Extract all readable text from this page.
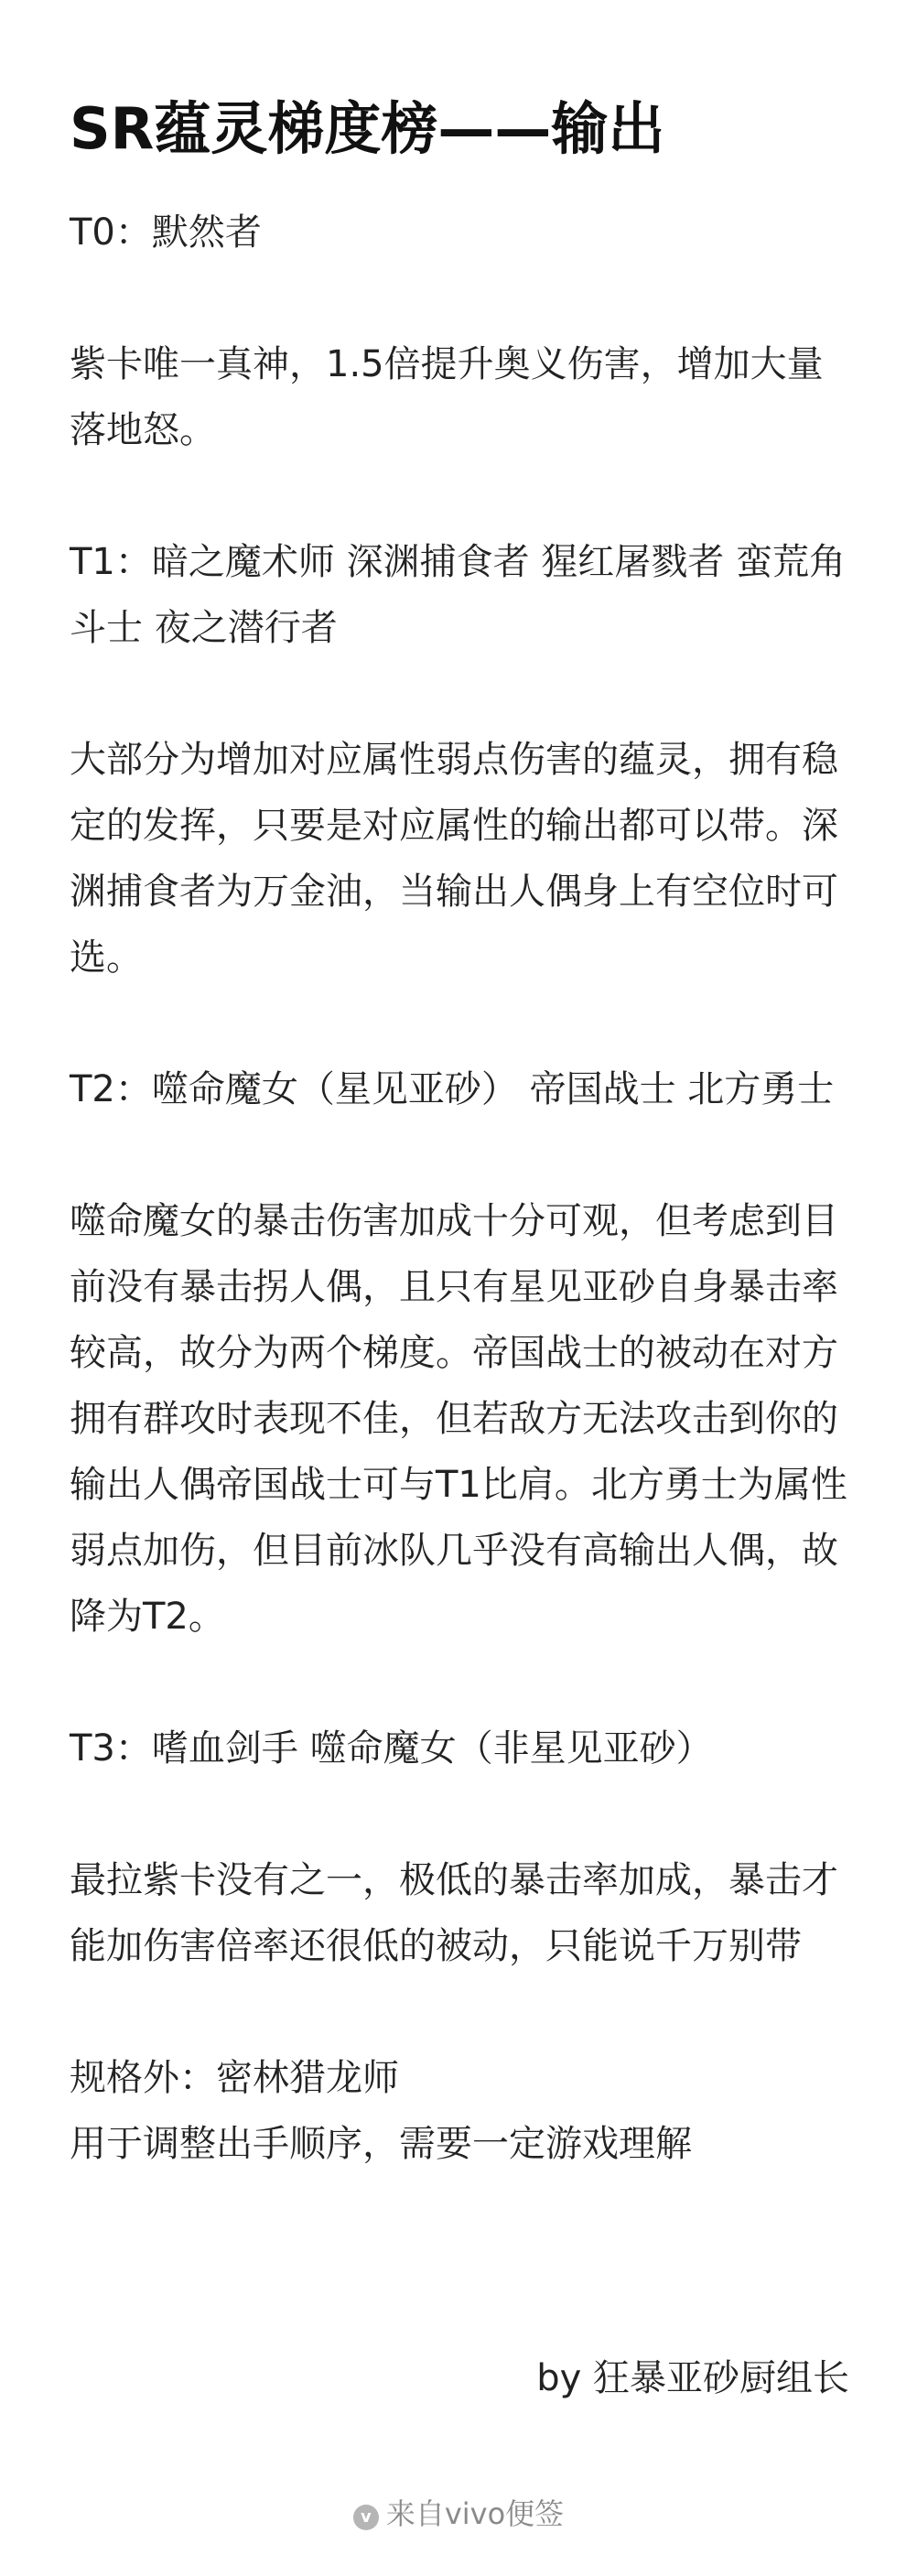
SR蕴灵梯度榜——输出

T0：默然者

紫卡唯一真神，1.5倍提升奥义伤害，增加大量落地怒。

T1：暗之魔术师 深渊捕食者 猩红屠戮者 蛮荒角斗士 夜之潜行者

大部分为增加对应属性弱点伤害的蕴灵，拥有稳定的发挥，只要是对应属性的输出都可以带。深渊捕食者为万金油，当输出人偶身上有空位时可选。

T2：噬命魔女（星见亚砂） 帝国战士 北方勇士

噬命魔女的暴击伤害加成十分可观，但考虑到目前没有暴击拐人偶，且只有星见亚砂自身暴击率较高，故分为两个梯度。帝国战士的被动在对方拥有群攻时表现不佳，但若敌方无法攻击到你的输出人偶帝国战士可与T1比肩。北方勇士为属性弱点加伤，但目前冰队几乎没有高输出人偶，故降为T2。

T3：嗜血剑手 噬命魔女（非星见亚砂）

最拉紫卡没有之一，极低的暴击率加成，暴击才能加伤害倍率还很低的被动，只能说千万别带

规格外：密林猎龙师

用于调整出手顺序，需要一定游戏理解

by 狂暴亚砂厨组长
v 来自vivo便签
